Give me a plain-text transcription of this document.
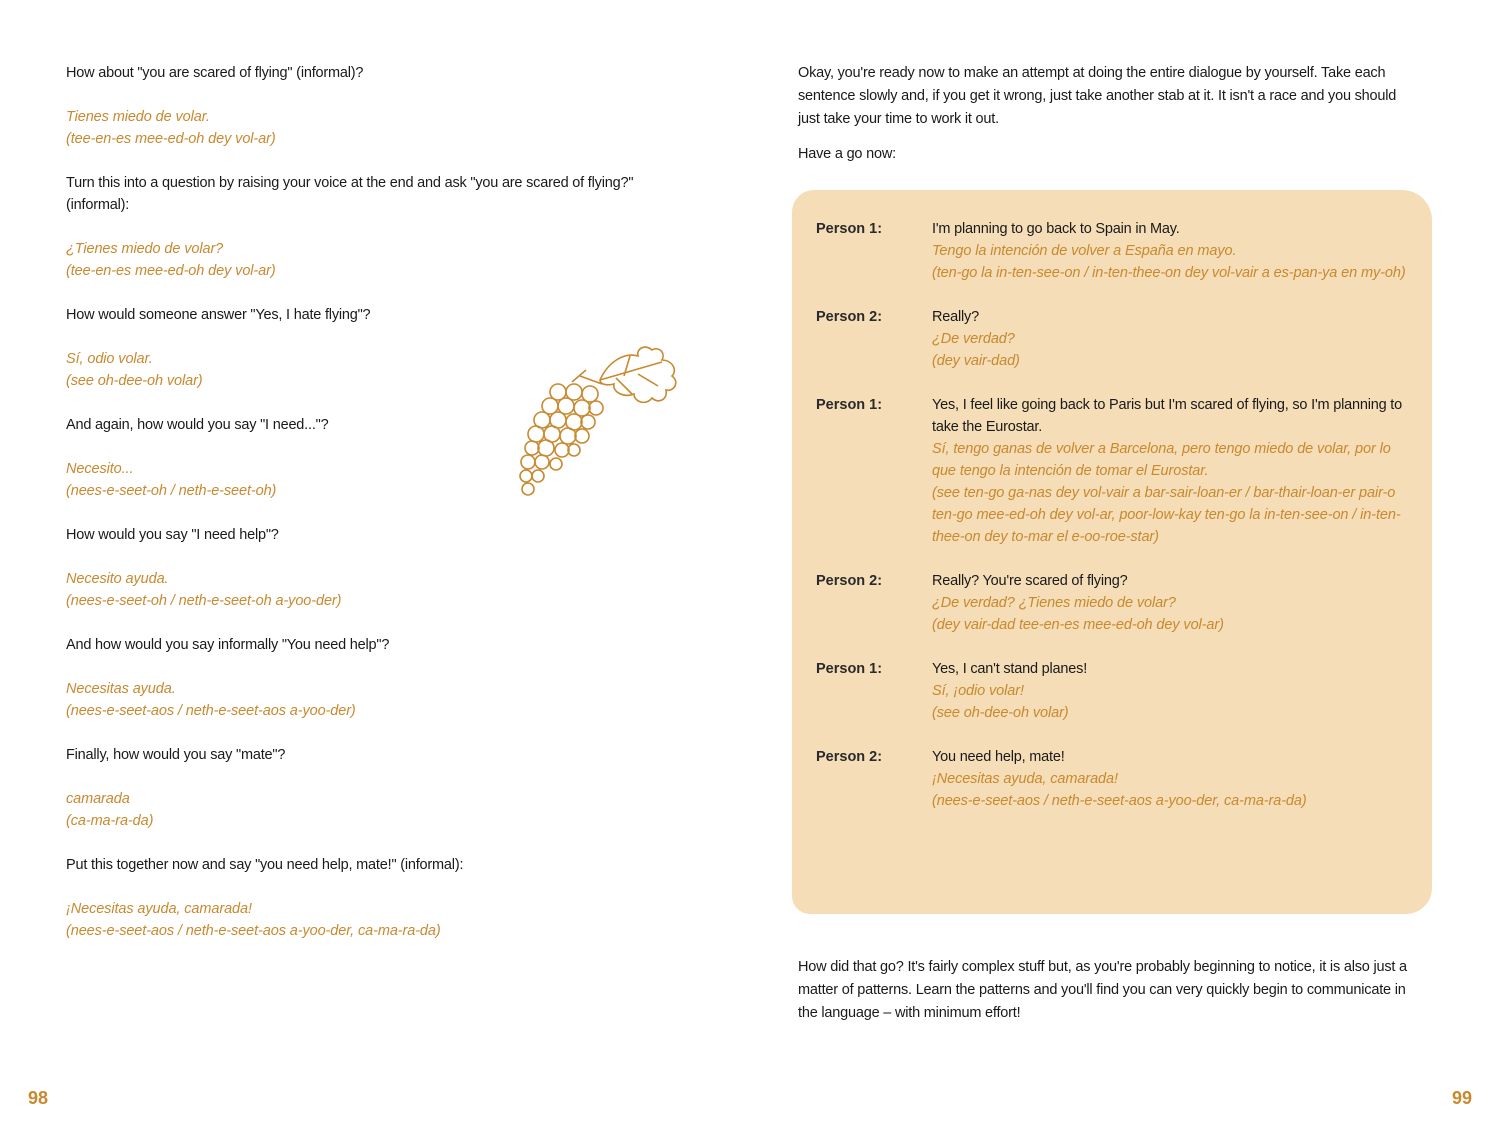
How about "you are scared of flying" (informal)?
Tienes miedo de volar.
(tee-en-es mee-ed-oh dey vol-ar)
Turn this into a question by raising your voice at the end and ask "you are scared of flying?" (informal):
¿Tienes miedo de volar?
(tee-en-es mee-ed-oh dey vol-ar)
How would someone answer "Yes, I hate flying"?
Sí, odio volar.
(see oh-dee-oh volar)
And again, how would you say "I need..."?
Necesito...
(nees-e-seet-oh / neth-e-seet-oh)
How would you say "I need help"?
Necesito ayuda.
(nees-e-seet-oh / neth-e-seet-oh a-yoo-der)
And how would you say informally "You need help"?
Necesitas ayuda.
(nees-e-seet-aos / neth-e-seet-aos a-yoo-der)
Finally, how would you say "mate"?
camarada
(ca-ma-ra-da)
Put this together now and say "you need help, mate!" (informal):
¡Necesitas ayuda, camarada!
(nees-e-seet-aos / neth-e-seet-aos a-yoo-der, ca-ma-ra-da)
98

Okay, you're ready now to make an attempt at doing the entire dialogue by yourself. Take each sentence slowly and, if you get it wrong, just take another stab at it. It isn't a race and you should just take your time to work it out.

Have a go now:

Person 1:	I'm planning to go back to Spain in May.
Tengo la intención de volver a España en mayo.
(ten-go la in-ten-see-on / in-ten-thee-on dey vol-vair a es-pan-ya en my-oh)
Person 2:	Really?
¿De verdad?
(dey vair-dad)
Person 1:	Yes, I feel like going back to Paris but I'm scared of flying, so I'm planning to take the Eurostar.
Sí, tengo ganas de volver a Barcelona, pero tengo miedo de volar, por lo que tengo la intención de tomar el Eurostar.
(see ten-go ga-nas dey vol-vair a bar-sair-loan-er / bar-thair-loan-er pair-o ten-go mee-ed-oh dey vol-ar, poor-low-kay ten-go la in-ten-see-on / in-ten-thee-on dey to-mar el e-oo-roe-star)
Person 2:	Really? You're scared of flying?
¿De verdad? ¿Tienes miedo de volar?
(dey vair-dad tee-en-es mee-ed-oh dey vol-ar)
Person 1:	Yes, I can't stand planes!
Sí, ¡odio volar!
(see oh-dee-oh volar)
Person 2:	You need help, mate!
¡Necesitas ayuda, camarada!
(nees-e-seet-aos / neth-e-seet-aos a-yoo-der, ca-ma-ra-da)

How did that go? It's fairly complex stuff but, as you're probably beginning to notice, it is also just a matter of patterns. Learn the patterns and you'll find you can very quickly begin to communicate in the language – with minimum effort!

99
